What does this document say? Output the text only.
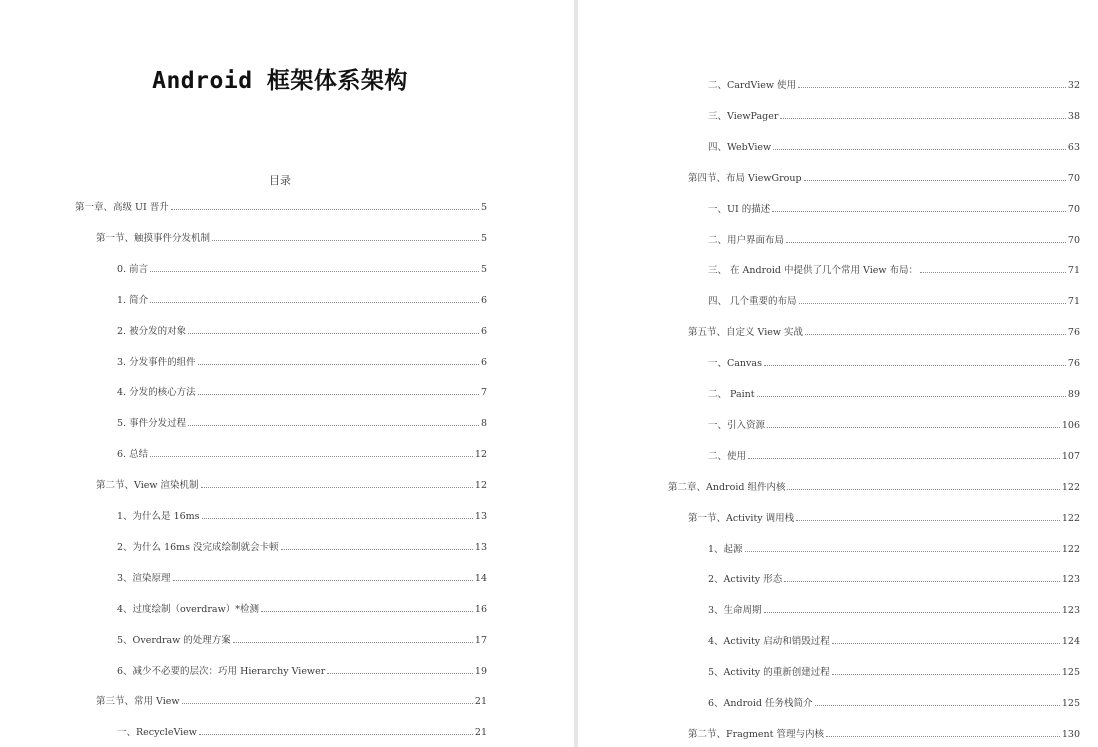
Android 框架体系架构
目录
第一章、高级 UI 晋升	5
第一节、触摸事件分发机制	5
0. 前言	5
1. 简介	6
2. 被分发的对象	6
3. 分发事件的组件	6
4. 分发的核心方法	7
5. 事件分发过程	8
6. 总结	12
第二节、View 渲染机制	12
1、为什么是 16ms	13
2、为什么 16ms 没完成绘制就会卡顿	13
3、渲染原理	14
4、过度绘制（overdraw）*检测	16
5、Overdraw 的处理方案	17
6、减少不必要的层次：巧用 Hierarchy Viewer	19
第三节、常用 View	21
一、RecycleView	21
二、CardView 使用	32
三、ViewPager	38
四、WebView	63
第四节、布局 ViewGroup	70
一、UI 的描述	70
二、用户界面布局	70
三、 在 Android 中提供了几个常用 View 布局：	71
四、 几个重要的布局	71
第五节、自定义 View 实战	76
一、Canvas	76
二、 Paint	89
一、引入资源	106
二、使用	107
第二章、Android 组件内核	122
第一节、Activity 调用栈	122
1、起源	122
2、Activity 形态	123
3、生命周期	123
4、Activity 启动和销毁过程	124
5、Activity 的重新创建过程	125
6、Android 任务栈简介	125
第二节、Fragment 管理与内核	130
